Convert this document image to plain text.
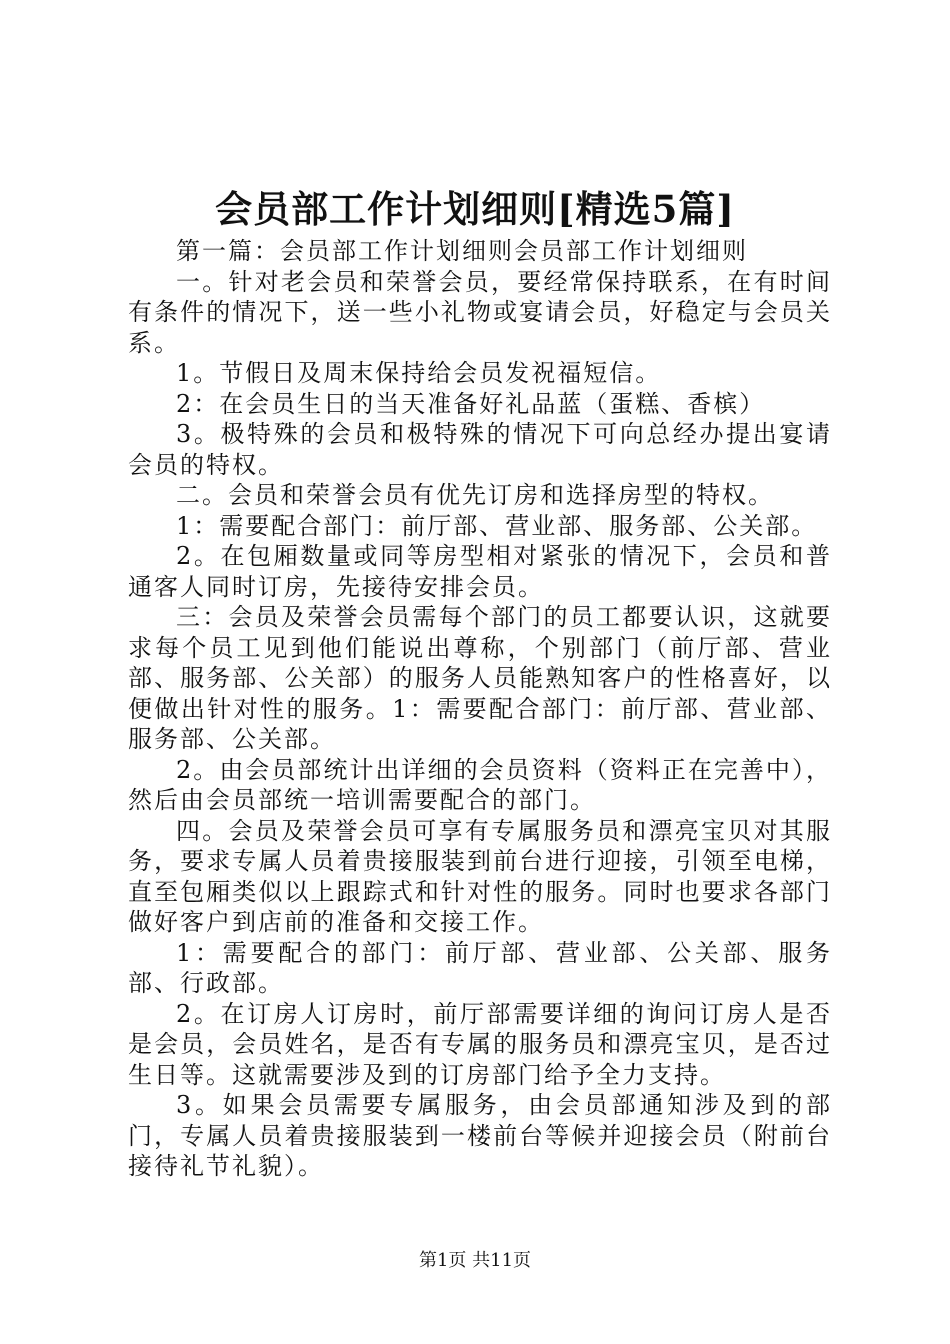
会员部工作计划细则[精选5篇]

第一篇：会员部工作计划细则会员部工作计划细则

一。针对老会员和荣誉会员，要经常保持联系，在有时间有条件的情况下，送一些小礼物或宴请会员，好稳定与会员关系。

1。节假日及周末保持给会员发祝福短信。

2：在会员生日的当天准备好礼品蓝（蛋糕、香槟）

3。极特殊的会员和极特殊的情况下可向总经办提出宴请会员的特权。

二。会员和荣誉会员有优先订房和选择房型的特权。

1：需要配合部门：前厅部、营业部、服务部、公关部。

2。在包厢数量或同等房型相对紧张的情况下，会员和普通客人同时订房，先接待安排会员。

三：会员及荣誉会员需每个部门的员工都要认识，这就要求每个员工见到他们能说出尊称，个别部门（前厅部、营业部、服务部、公关部）的服务人员能熟知客户的性格喜好，以便做出针对性的服务。1：需要配合部门：前厅部、营业部、服务部、公关部。

2。由会员部统计出详细的会员资料（资料正在完善中），然后由会员部统一培训需要配合的部门。

四。会员及荣誉会员可享有专属服务员和漂亮宝贝对其服务，要求专属人员着贵接服装到前台进行迎接，引领至电梯，直至包厢类似以上跟踪式和针对性的服务。同时也要求各部门做好客户到店前的准备和交接工作。

1：需要配合的部门：前厅部、营业部、公关部、服务部、行政部。

2。在订房人订房时，前厅部需要详细的询问订房人是否是会员，会员姓名，是否有专属的服务员和漂亮宝贝，是否过生日等。这就需要涉及到的订房部门给予全力支持。

3。如果会员需要专属服务，由会员部通知涉及到的部门，专属人员着贵接服装到一楼前台等候并迎接会员（附前台接待礼节礼貌）。

第1页 共11页
